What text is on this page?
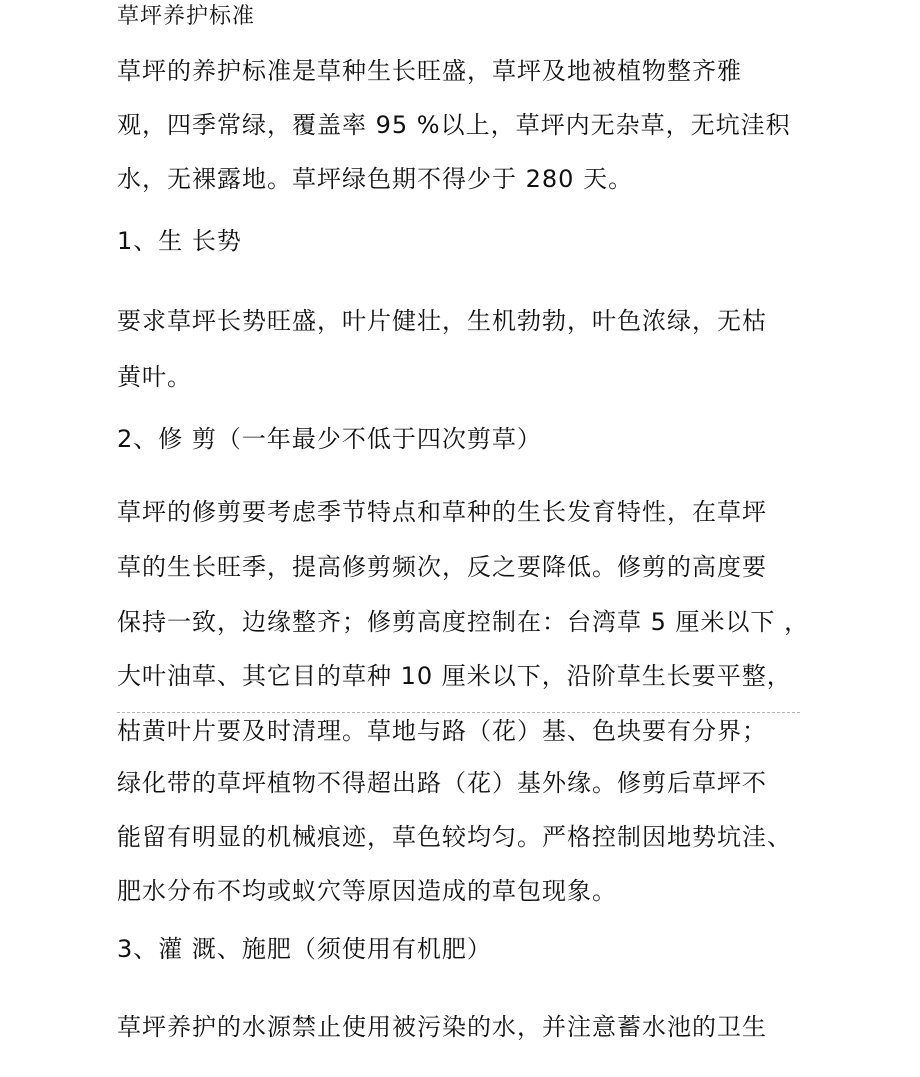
草坪养护标准
草坪的养护标准是草种生长旺盛，草坪及地被植物整齐雅
观，四季常绿，覆盖率 95 %以上，草坪内无杂草，无坑洼积
水，无裸露地。草坪绿色期不得少于 280 天。
1、生 长势
要求草坪长势旺盛，叶片健壮，生机勃勃，叶色浓绿，无枯
黄叶。
2、修 剪（一年最少不低于四次剪草）
草坪的修剪要考虑季节特点和草种的生长发育特性，在草坪
草的生长旺季，提高修剪频次，反之要降低。修剪的高度要
保持一致，边缘整齐；修剪高度控制在：台湾草 5 厘米以下 ，
大叶油草、其它目的草种 10 厘米以下，沿阶草生长要平整，
枯黄叶片要及时清理。草地与路（花）基、色块要有分界；
绿化带的草坪植物不得超出路（花）基外缘。修剪后草坪不
能留有明显的机械痕迹，草色较均匀。严格控制因地势坑洼、
肥水分布不均或蚁穴等原因造成的草包现象。
3、灌 溉、施肥（须使用有机肥）
草坪养护的水源禁止使用被污染的水，并注意蓄水池的卫生
